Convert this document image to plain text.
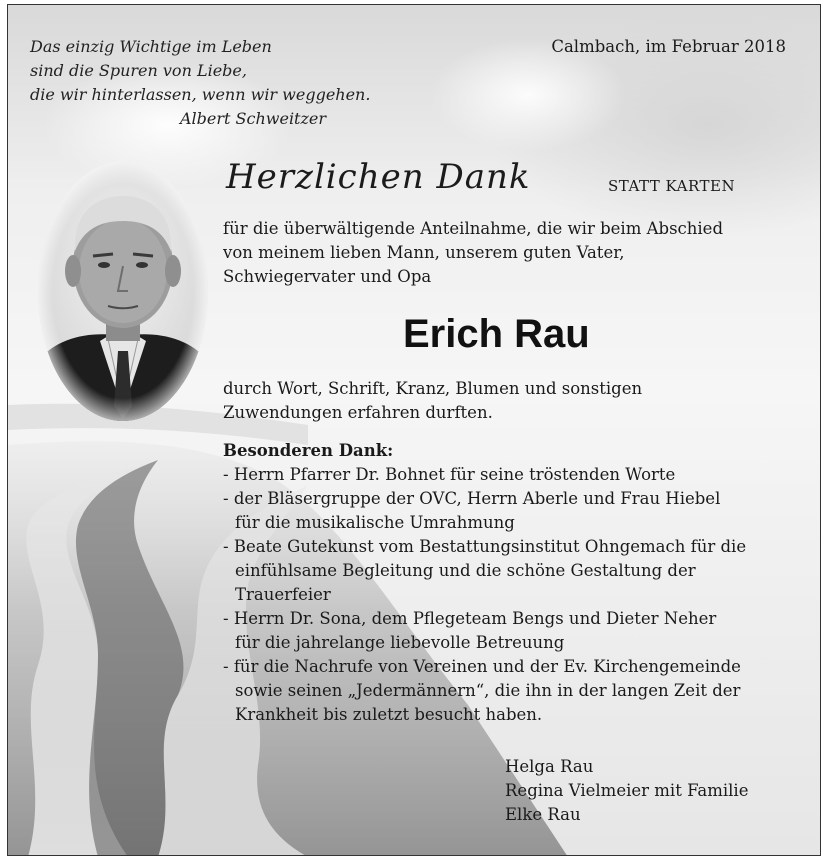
Das einzig Wichtige im Leben
sind die Spuren von Liebe,
die wir hinterlassen, wenn wir weggehen.
Albert Schweitzer
Calmbach, im Februar 2018
Herzlichen Dank	STATT KARTEN
für die überwältigende Anteilnahme, die wir beim Abschied
von meinem lieben Mann, unserem guten Vater,
Schwiegervater und Opa
Erich Rau
durch Wort, Schrift, Kranz, Blumen und sonstigen
Zuwendungen erfahren durften.
Besonderen Dank:
- Herrn Pfarrer Dr. Bohnet für seine tröstenden Worte
- der Bläsergruppe der OVC, Herrn Aberle und Frau Hiebel
für die musikalische Umrahmung
- Beate Gutekunst vom Bestattungsinstitut Ohngemach für die
einfühlsame Begleitung und die schöne Gestaltung der
Trauerfeier
- Herrn Dr. Sona, dem Pflegeteam Bengs und Dieter Neher
für die jahrelange liebevolle Betreuung
- für die Nachrufe von Vereinen und der Ev. Kirchengemeinde
sowie seinen „Jedermännern“, die ihn in der langen Zeit der
Krankheit bis zuletzt besucht haben.
Helga Rau
Regina Vielmeier mit Familie
Elke Rau
